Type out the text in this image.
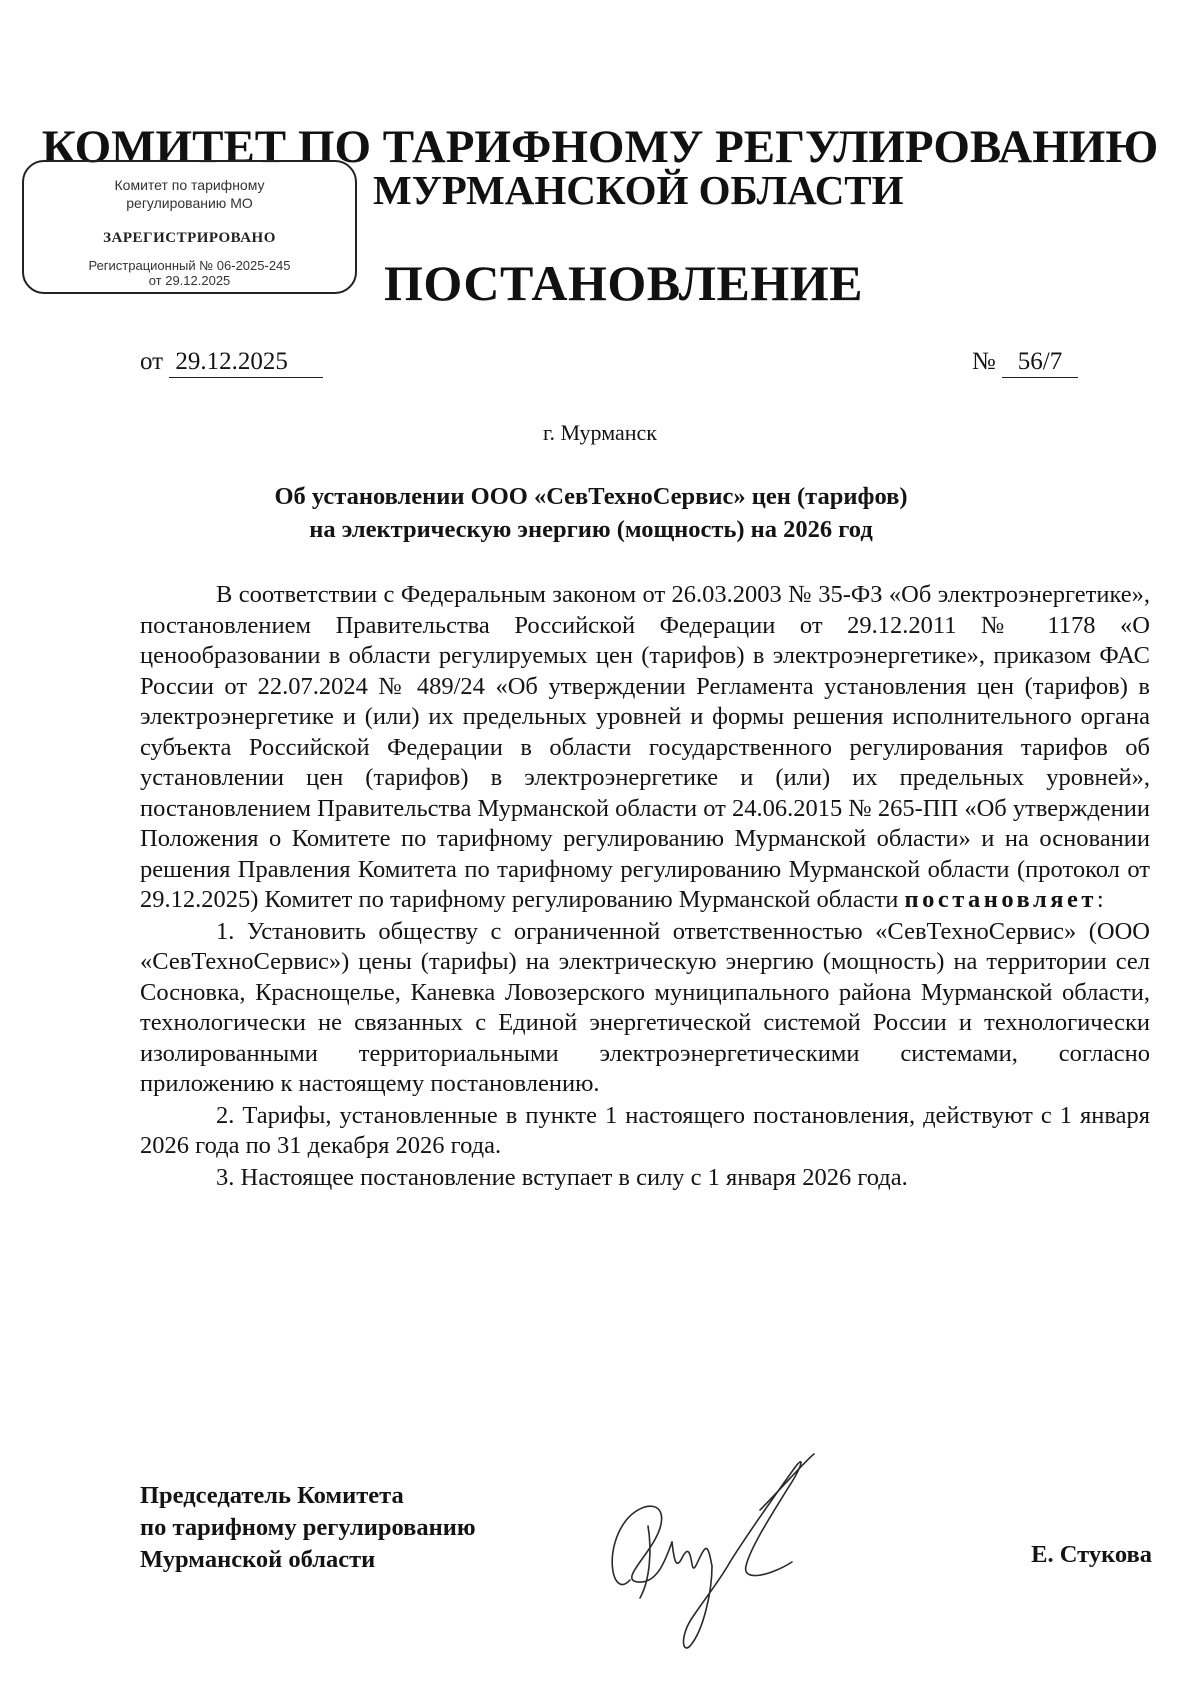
КОМИТЕТ ПО ТАРИФНОМУ РЕГУЛИРОВАНИЮ
МУРМАНСКОЙ ОБЛАСТИ
ПОСТАНОВЛЕНИЕ
Комитет по тарифному регулированию МО
ЗАРЕГИСТРИРОВАНО
Регистрационный № 06-2025-245
от 29.12.2025
от 29.12.2025	№ 56/7
г. Мурманск
Об установлении ООО «СевТехноСервис» цен (тарифов)
на электрическую энергию (мощность) на 2026 год

В соответствии с Федеральным законом от 26.03.2003 № 35-ФЗ «Об электроэнергетике», постановлением Правительства Российской Федерации от 29.12.2011 № 1178 «О ценообразовании в области регулируемых цен (тарифов) в электроэнергетике», приказом ФАС России от 22.07.2024 № 489/24 «Об утверждении Регламента установления цен (тарифов) в электроэнергетике и (или) их предельных уровней и формы решения исполнительного органа субъекта Российской Федерации в области государственного регулирования тарифов об установлении цен (тарифов) в электроэнергетике и (или) их предельных уровней», постановлением Правительства Мурманской области от 24.06.2015 № 265-ПП «Об утверждении Положения о Комитете по тарифному регулированию Мурманской области» и на основании решения Правления Комитета по тарифному регулированию Мурманской области (протокол от 29.12.2025) Комитет по тарифному регулированию Мурманской области постановляет:

1. Установить обществу с ограниченной ответственностью «СевТехноСервис» (ООО «СевТехноСервис») цены (тарифы) на электрическую энергию (мощность) на территории сел Сосновка, Краснощелье, Каневка Ловозерского муниципального района Мурманской области, технологически не связанных с Единой энергетической системой России и технологически изолированными территориальными электроэнергетическими системами, согласно приложению к настоящему постановлению.

2. Тарифы, установленные в пункте 1 настоящего постановления, действуют с 1 января 2026 года по 31 декабря 2026 года.

3. Настоящее постановление вступает в силу с 1 января 2026 года.

Председатель Комитета
по тарифному регулированию
Мурманской области	Е. Стукова
